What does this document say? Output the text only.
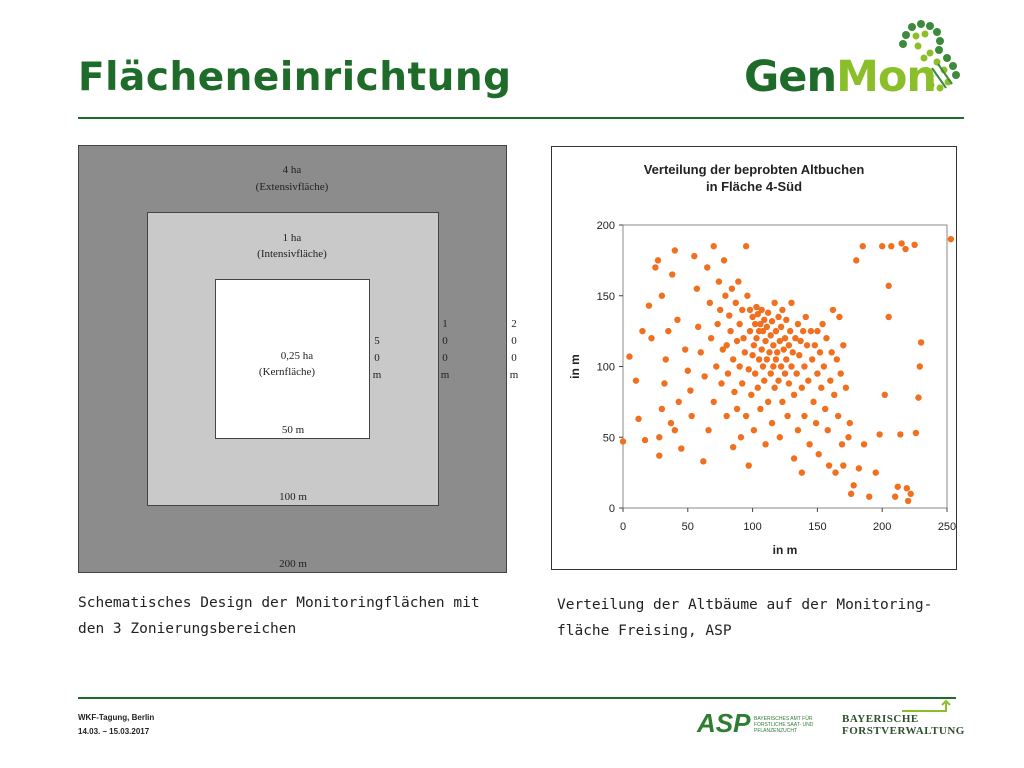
Flächeneinrichtung	GenMon
4 ha
(Extensivfläche)
1 ha
(Intensivfläche)
0,25 ha
(Kernfläche)
50 m
100 m
200 m
5
0
m
1
0
0
m
2
0
0
m
Verteilung der beprobten Altbuchen
in Fläche 4-Süd
0	50	100	150	200	250
0
50
100
150
200
in m
in m
Schematisches Design der Monitoringflächen mit
den 3 Zonierungsbereichen
Verteilung der Altbäume auf der Monitoring-
fläche Freising, ASP
WKF-Tagung, Berlin
14.03. – 15.03.2017	ASP BAYERISCHES AMT FÜR FORSTLICHE SAAT- UND PFLANZENZUCHT
BAYERISCHE
FORSTVERWALTUNG
